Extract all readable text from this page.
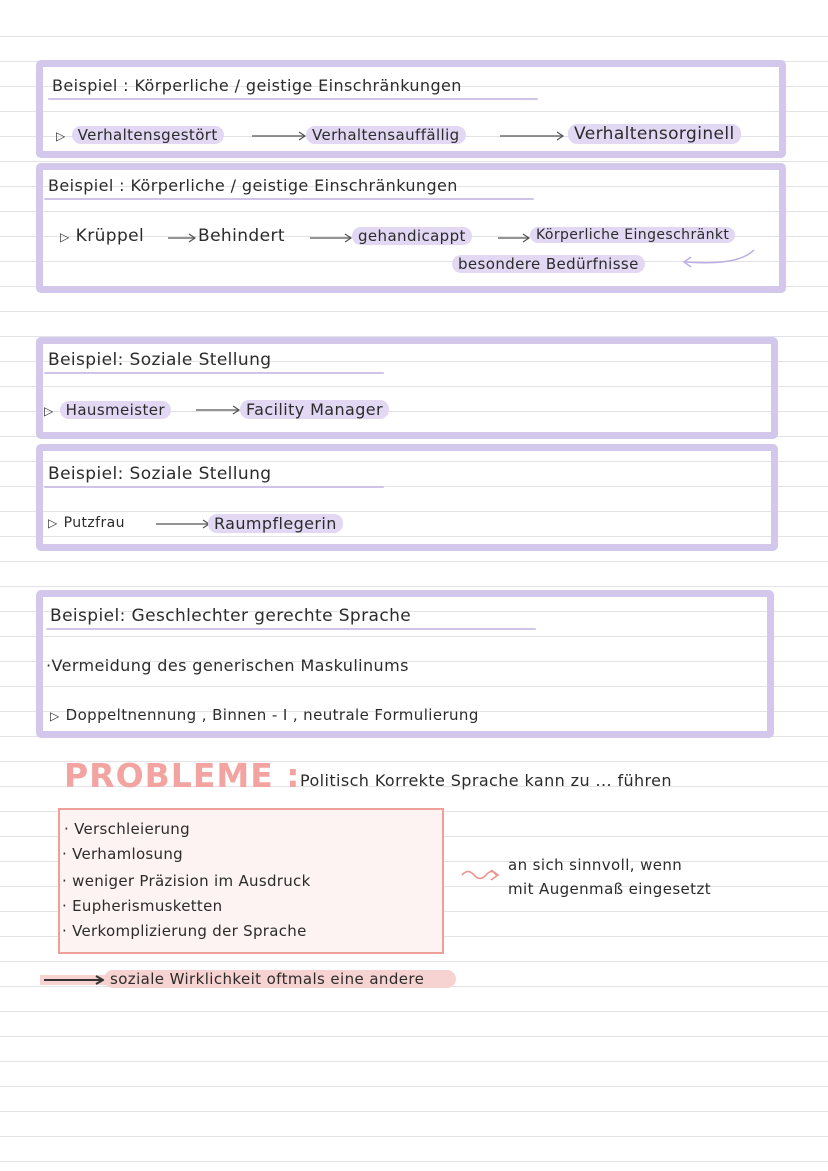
Beispiel : Körperliche / geistige Einschränkungen
▷ Verhaltensgestört	Verhaltensauffällig	Verhaltensorginell
Beispiel : Körperliche / geistige Einschränkungen
▷ Krüppel	Behindert	gehandicappt	Körperliche Eingeschränkt
besondere Bedürfnisse
Beispiel: Soziale Stellung
▷ Hausmeister	Facility Manager
Beispiel: Soziale Stellung
▷ Putzfrau	Raumpflegerin
Beispiel: Geschlechter gerechte Sprache
·Vermeidung des generischen Maskulinums
▷ Doppeltnennung , Binnen - I , neutrale Formulierung
PROBLEME : Politisch Korrekte Sprache kann zu ... führen
· Verschleierung
· Verhamlosung
· weniger Präzision im Ausdruck
· Eupherismusketten
· Verkomplizierung der Sprache
an sich sinnvoll, wenn
mit Augenmaß eingesetzt
soziale Wirklichkeit oftmals eine andere
